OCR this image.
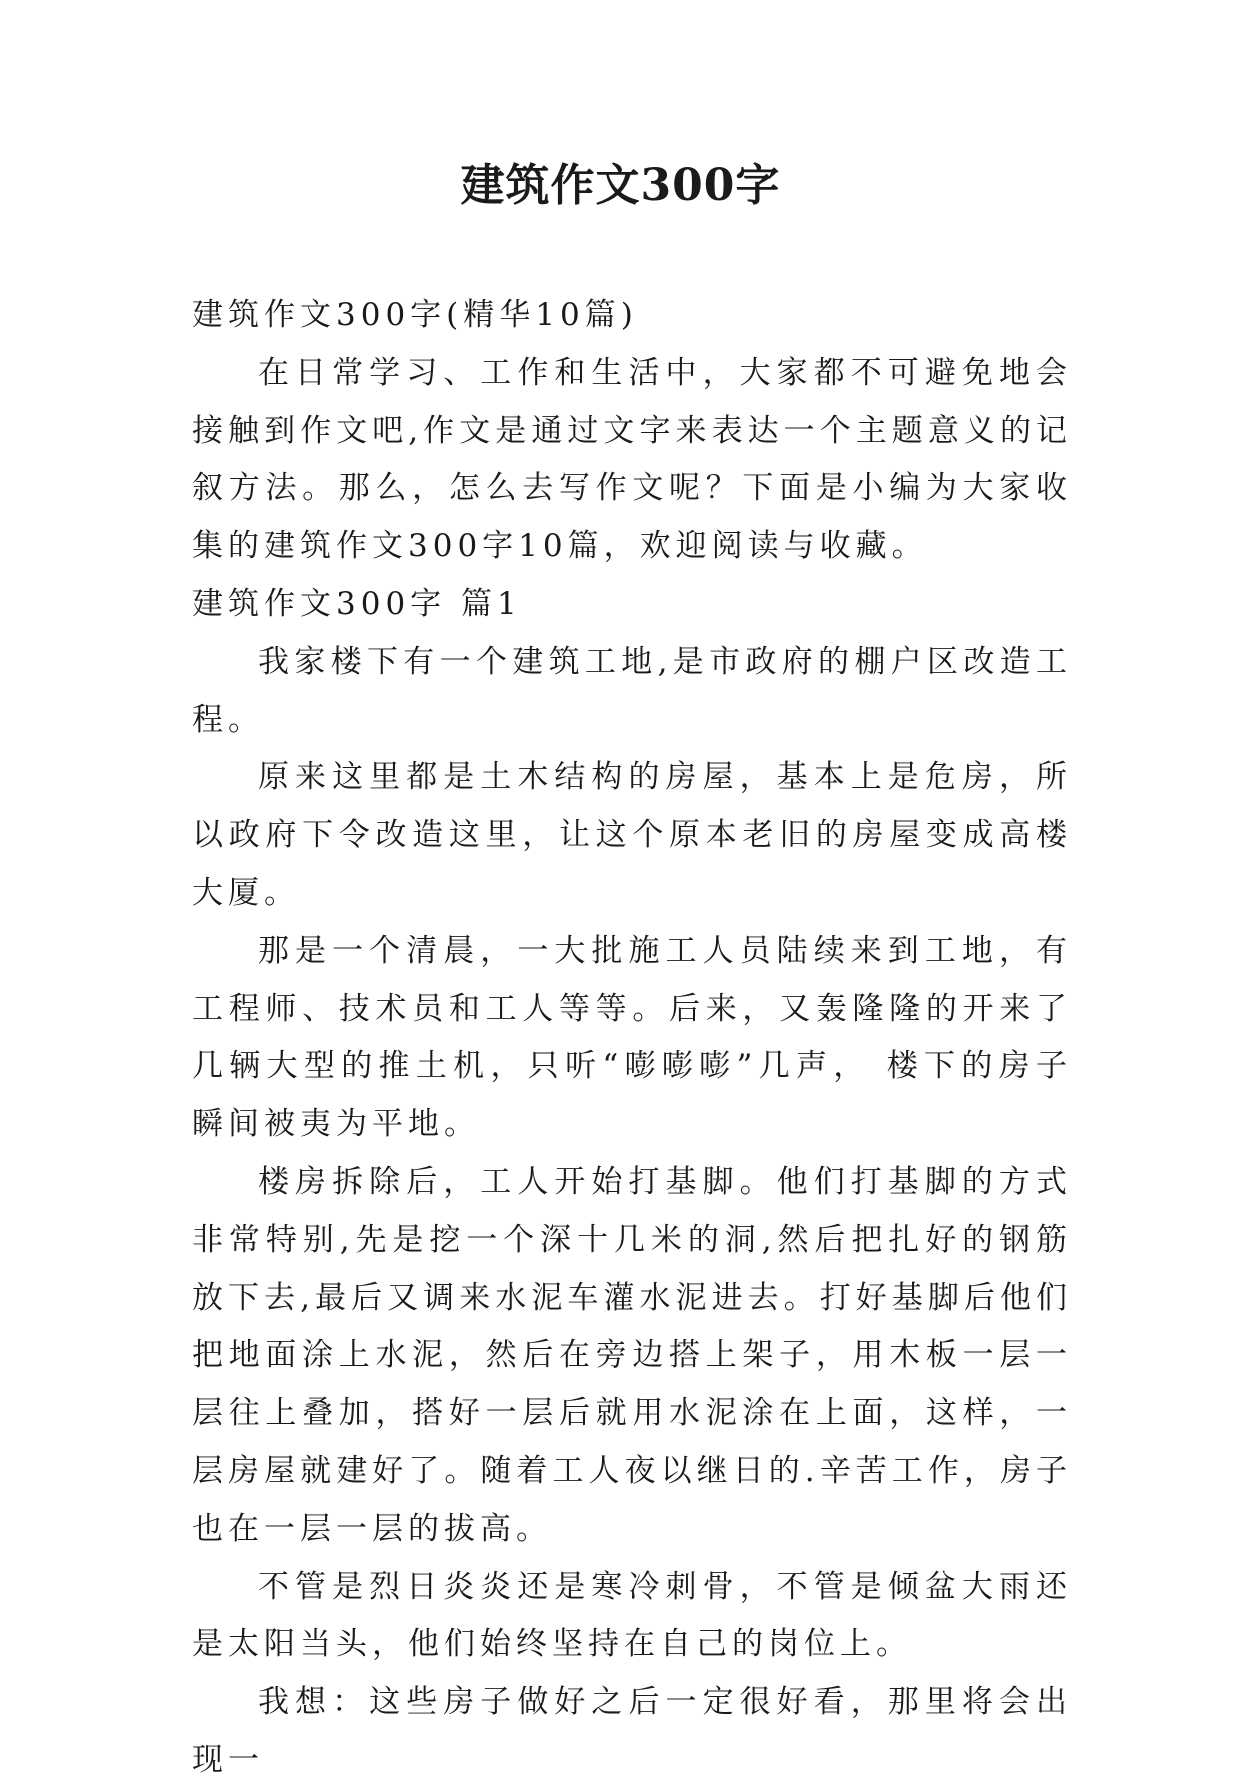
建筑作文300字

建筑作文300字(精华10篇)

在日常学习、工作和生活中，大家都不可避免地会接触到作文吧,作文是通过文字来表达一个主题意义的记叙方法。那么，怎么去写作文呢？下面是小编为大家收集的建筑作文300字10篇，欢迎阅读与收藏。

建筑作文300字 篇1

我家楼下有一个建筑工地,是市政府的棚户区改造工程。

原来这里都是土木结构的房屋，基本上是危房，所以政府下令改造这里，让这个原本老旧的房屋变成高楼大厦。

那是一个清晨，一大批施工人员陆续来到工地，有工程师、技术员和工人等等。后来，又轰隆隆的开来了几辆大型的推土机，只听“嘭嘭嘭”几声， 楼下的房子瞬间被夷为平地。

楼房拆除后，工人开始打基脚。他们打基脚的方式非常特别,先是挖一个深十几米的洞,然后把扎好的钢筋放下去,最后又调来水泥车灌水泥进去。打好基脚后他们把地面涂上水泥，然后在旁边搭上架子，用木板一层一层往上叠加，搭好一层后就用水泥涂在上面，这样，一层房屋就建好了。随着工人夜以继日的.辛苦工作，房子也在一层一层的拔高。

不管是烈日炎炎还是寒冷刺骨，不管是倾盆大雨还是太阳当头，他们始终坚持在自己的岗位上。

我想：这些房子做好之后一定很好看，那里将会出现一
